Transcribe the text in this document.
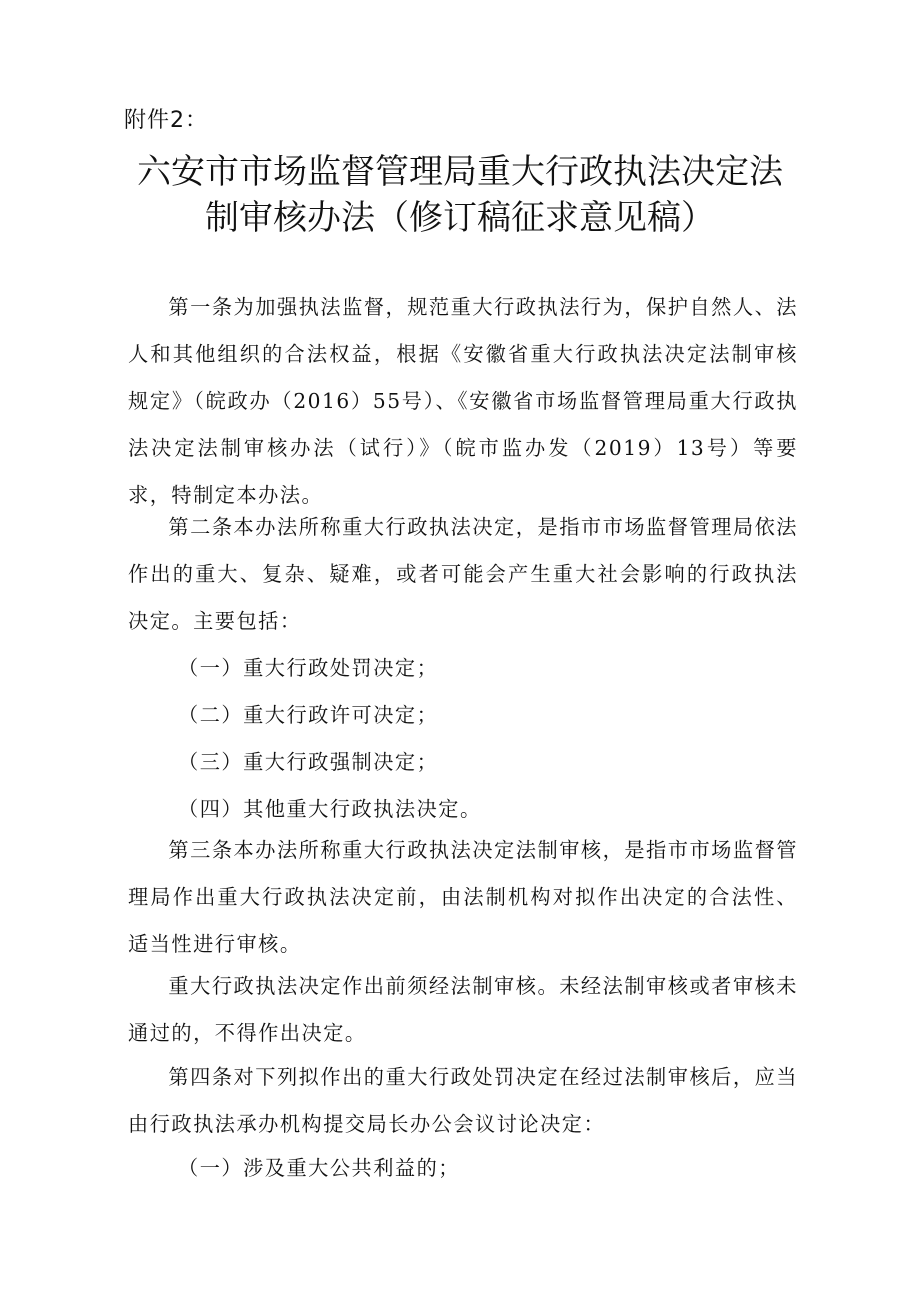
附件2：
六安市市场监督管理局重大行政执法决定法
制审核办法（修订稿征求意见稿）

第一条为加强执法监督，规范重大行政执法行为，保护自然人、法人和其他组织的合法权益，根据《安徽省重大行政执法决定法制审核规定》（皖政办（2016）55号）、《安徽省市场监督管理局重大行政执法决定法制审核办法（试行）》（皖市监办发（2019）13号）等要求，特制定本办法。

第二条本办法所称重大行政执法决定，是指市市场监督管理局依法作出的重大、复杂、疑难，或者可能会产生重大社会影响的行政执法决定。主要包括：

（一）重大行政处罚决定；

（二）重大行政许可决定；

（三）重大行政强制决定；

（四）其他重大行政执法决定。

第三条本办法所称重大行政执法决定法制审核，是指市市场监督管理局作出重大行政执法决定前，由法制机构对拟作出决定的合法性、适当性进行审核。

重大行政执法决定作出前须经法制审核。未经法制审核或者审核未通过的，不得作出决定。

第四条对下列拟作出的重大行政处罚决定在经过法制审核后，应当由行政执法承办机构提交局长办公会议讨论决定：

（一）涉及重大公共利益的；
